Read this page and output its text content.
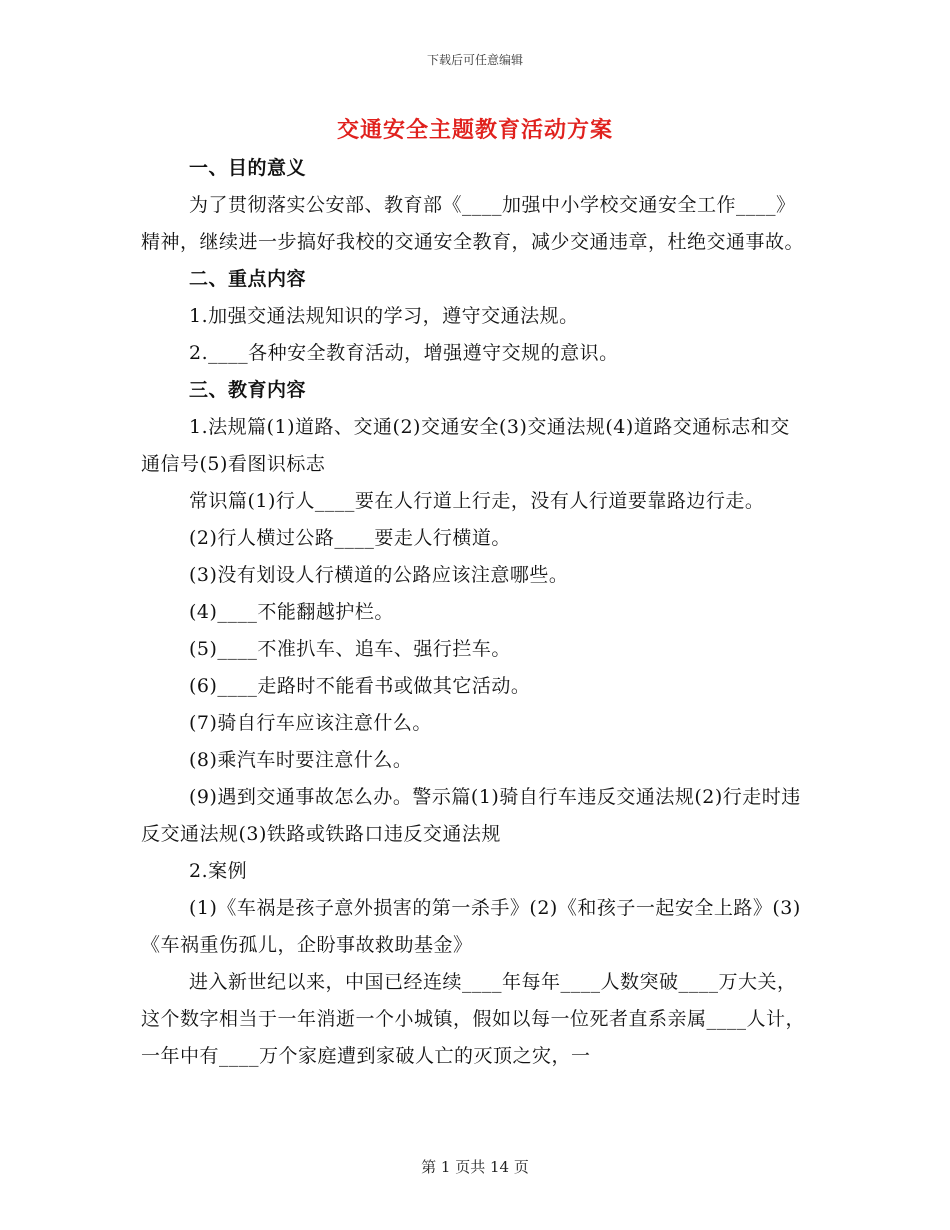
下载后可任意编辑
交通安全主题教育活动方案

一、目的意义

为了贯彻落实公安部、教育部《____加强中小学校交通安全工作____》精神，继续进一步搞好我校的交通安全教育，减少交通违章，杜绝交通事故。

二、重点内容

1.加强交通法规知识的学习，遵守交通法规。

2.____各种安全教育活动，增强遵守交规的意识。

三、教育内容

1.法规篇(1)道路、交通(2)交通安全(3)交通法规(4)道路交通标志和交通信号(5)看图识标志

常识篇(1)行人____要在人行道上行走，没有人行道要靠路边行走。

(2)行人横过公路____要走人行横道。

(3)没有划设人行横道的公路应该注意哪些。

(4)____不能翻越护栏。

(5)____不准扒车、追车、强行拦车。

(6)____走路时不能看书或做其它活动。

(7)骑自行车应该注意什么。

(8)乘汽车时要注意什么。

(9)遇到交通事故怎么办。警示篇(1)骑自行车违反交通法规(2)行走时违反交通法规(3)铁路或铁路口违反交通法规

2.案例

(1)《车祸是孩子意外损害的第一杀手》(2)《和孩子一起安全上路》(3)《车祸重伤孤儿，企盼事故救助基金》

进入新世纪以来，中国已经连续____年每年____人数突破____万大关，这个数字相当于一年消逝一个小城镇，假如以每一位死者直系亲属____人计，一年中有____万个家庭遭到家破人亡的灭顶之灾，一

第 1 页共 14 页
